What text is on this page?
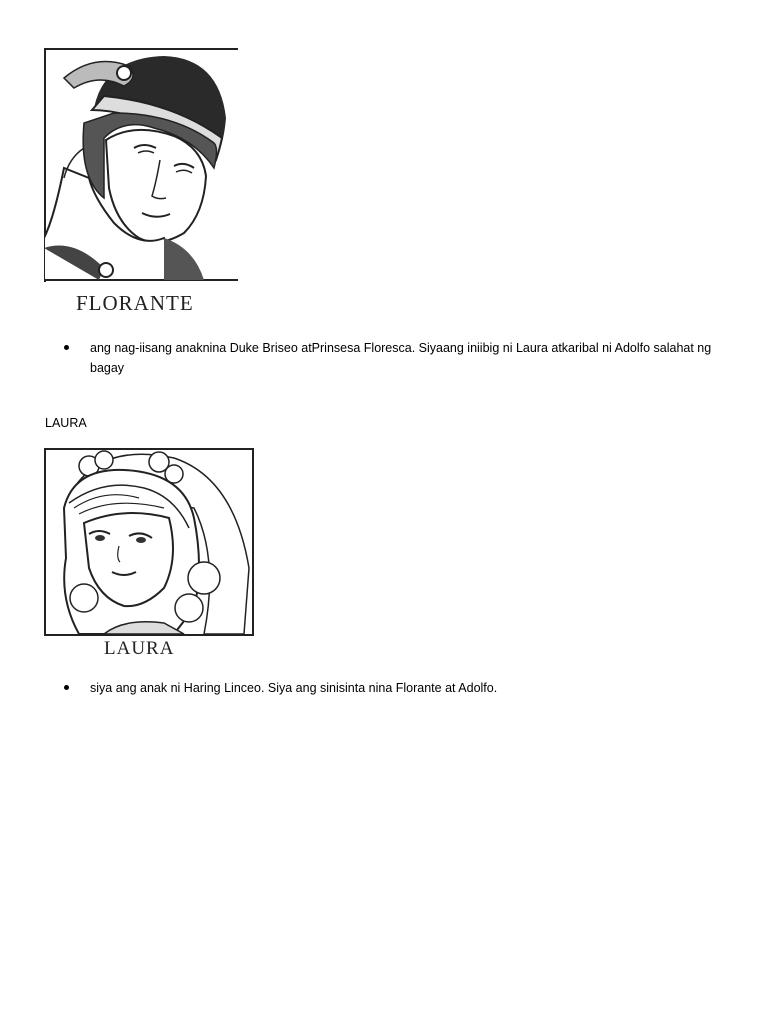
FLORANTE
ang nag-iisang anaknina Duke Briseo atPrinsesa Floresca. Siyaang iniibig ni Laura atkaribal ni Adolfo salahat ng bagay
LAURA
LAURA
siya ang anak ni Haring Linceo. Siya ang sinisinta nina Florante at Adolfo.
